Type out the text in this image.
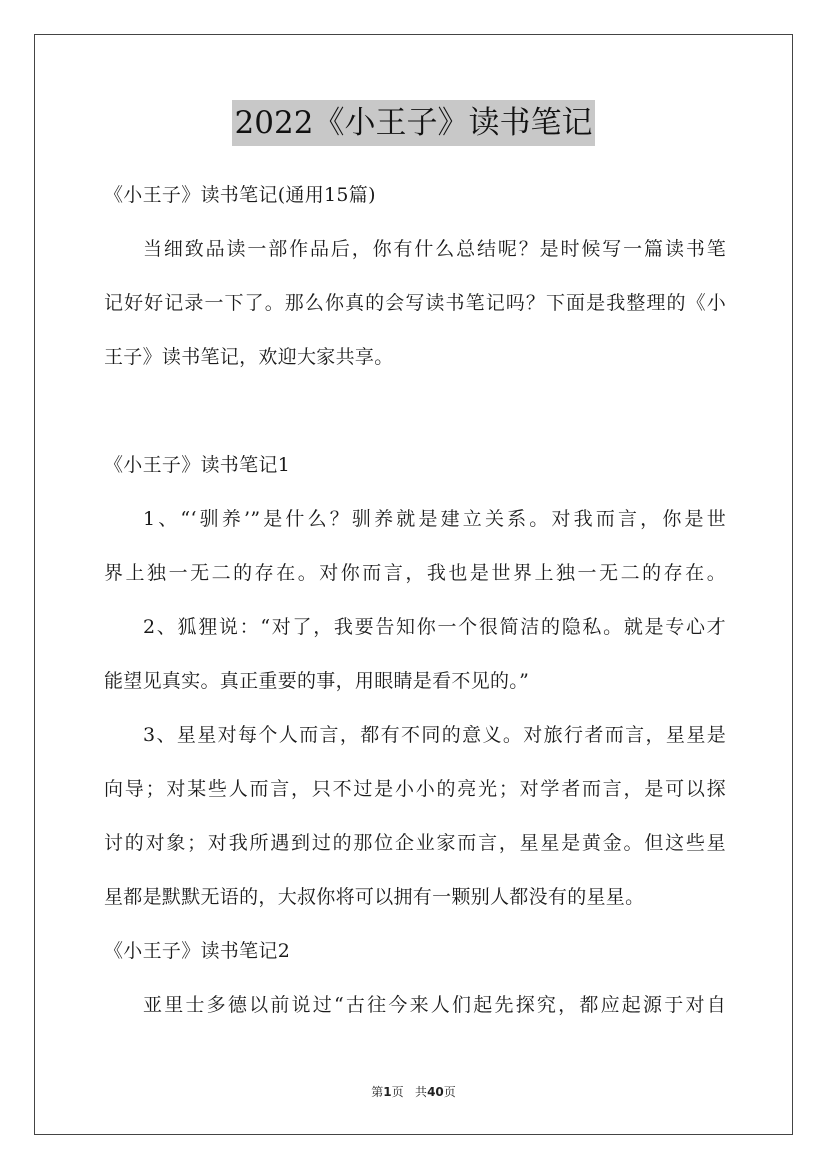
2022《小王子》读书笔记
《小王子》读书笔记(通用15篇)
当细致品读一部作品后，你有什么总结呢？是时候写一篇读书笔
记好好记录一下了。那么你真的会写读书笔记吗？下面是我整理的《小
王子》读书笔记，欢迎大家共享。
《小王子》读书笔记1
1、“‘驯养’”是什么？驯养就是建立关系。对我而言，你是世
界上独一无二的存在。对你而言，我也是世界上独一无二的存在。
2、狐狸说：“对了，我要告知你一个很简洁的隐私。就是专心才
能望见真实。真正重要的事，用眼睛是看不见的。”
3、星星对每个人而言，都有不同的意义。对旅行者而言，星星是
向导；对某些人而言，只不过是小小的亮光；对学者而言，是可以探
讨的对象；对我所遇到过的那位企业家而言，星星是黄金。但这些星
星都是默默无语的，大叔你将可以拥有一颗别人都没有的星星。
《小王子》读书笔记2
亚里士多德以前说过“古往今来人们起先探究，都应起源于对自
第1页 共40页
